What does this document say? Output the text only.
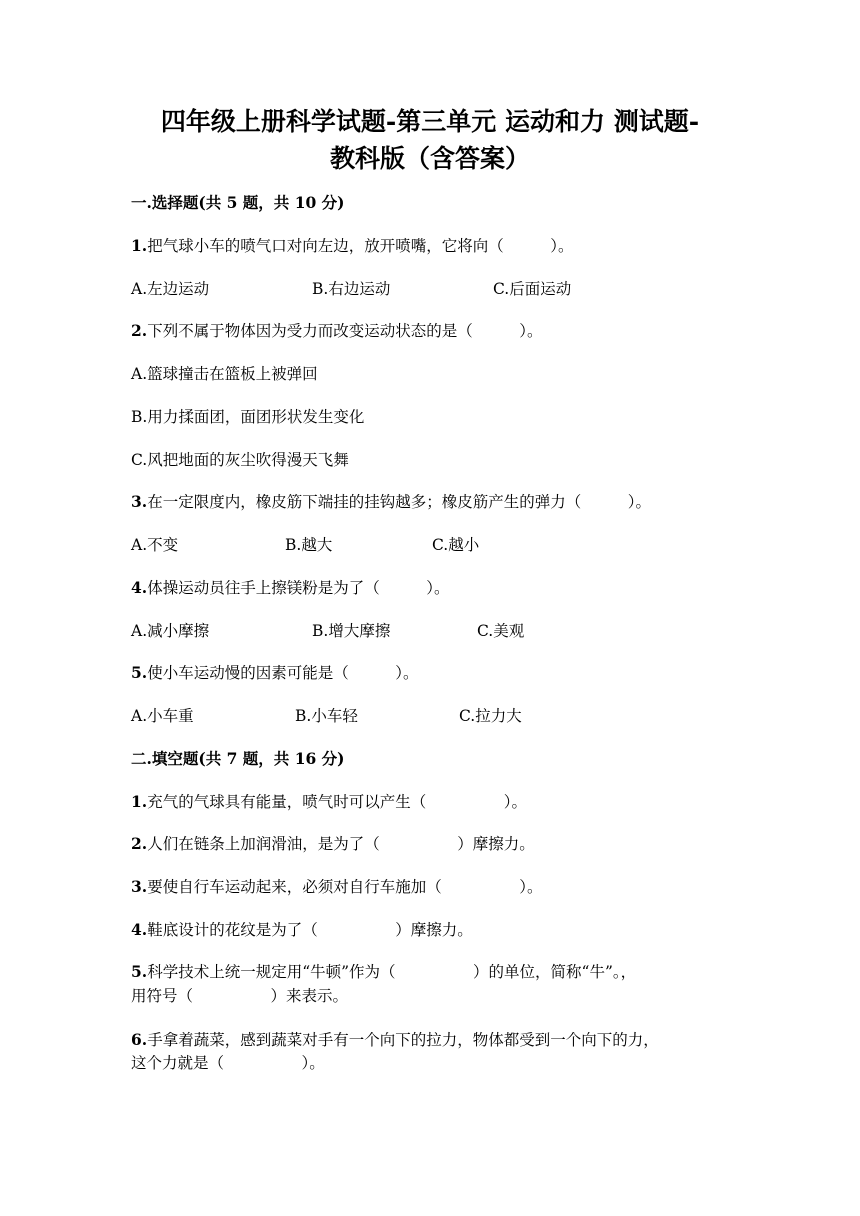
四年级上册科学试题-第三单元 运动和力 测试题-
教科版（含答案）
一.选择题(共 5 题，共 10 分)
1.把气球小车的喷气口对向左边，放开喷嘴，它将向（　　　）。
A.左边运动	B.右边运动	C.后面运动
2.下列不属于物体因为受力而改变运动状态的是（　　　）。
A.篮球撞击在篮板上被弹回
B.用力揉面团，面团形状发生变化
C.风把地面的灰尘吹得漫天飞舞
3.在一定限度内，橡皮筋下端挂的挂钩越多；橡皮筋产生的弹力（　　　）。
A.不变	B.越大	C.越小
4.体操运动员往手上擦镁粉是为了（　　　）。
A.减小摩擦	B.增大摩擦	C.美观
5.使小车运动慢的因素可能是（　　　）。
A.小车重	B.小车轻	C.拉力大
二.填空题(共 7 题，共 16 分)
1.充气的气球具有能量，喷气时可以产生（　　　　　）。
2.人们在链条上加润滑油，是为了（　　　　　）摩擦力。
3.要使自行车运动起来，必须对自行车施加（　　　　　）。
4.鞋底设计的花纹是为了（　　　　　）摩擦力。
5.科学技术上统一规定用“牛顿”作为（　　　　　）的单位，简称“牛”。，
用符号（　　　　　）来表示。
6.手拿着蔬菜，感到蔬菜对手有一个向下的拉力，物体都受到一个向下的力，
这个力就是（　　　　　）。
